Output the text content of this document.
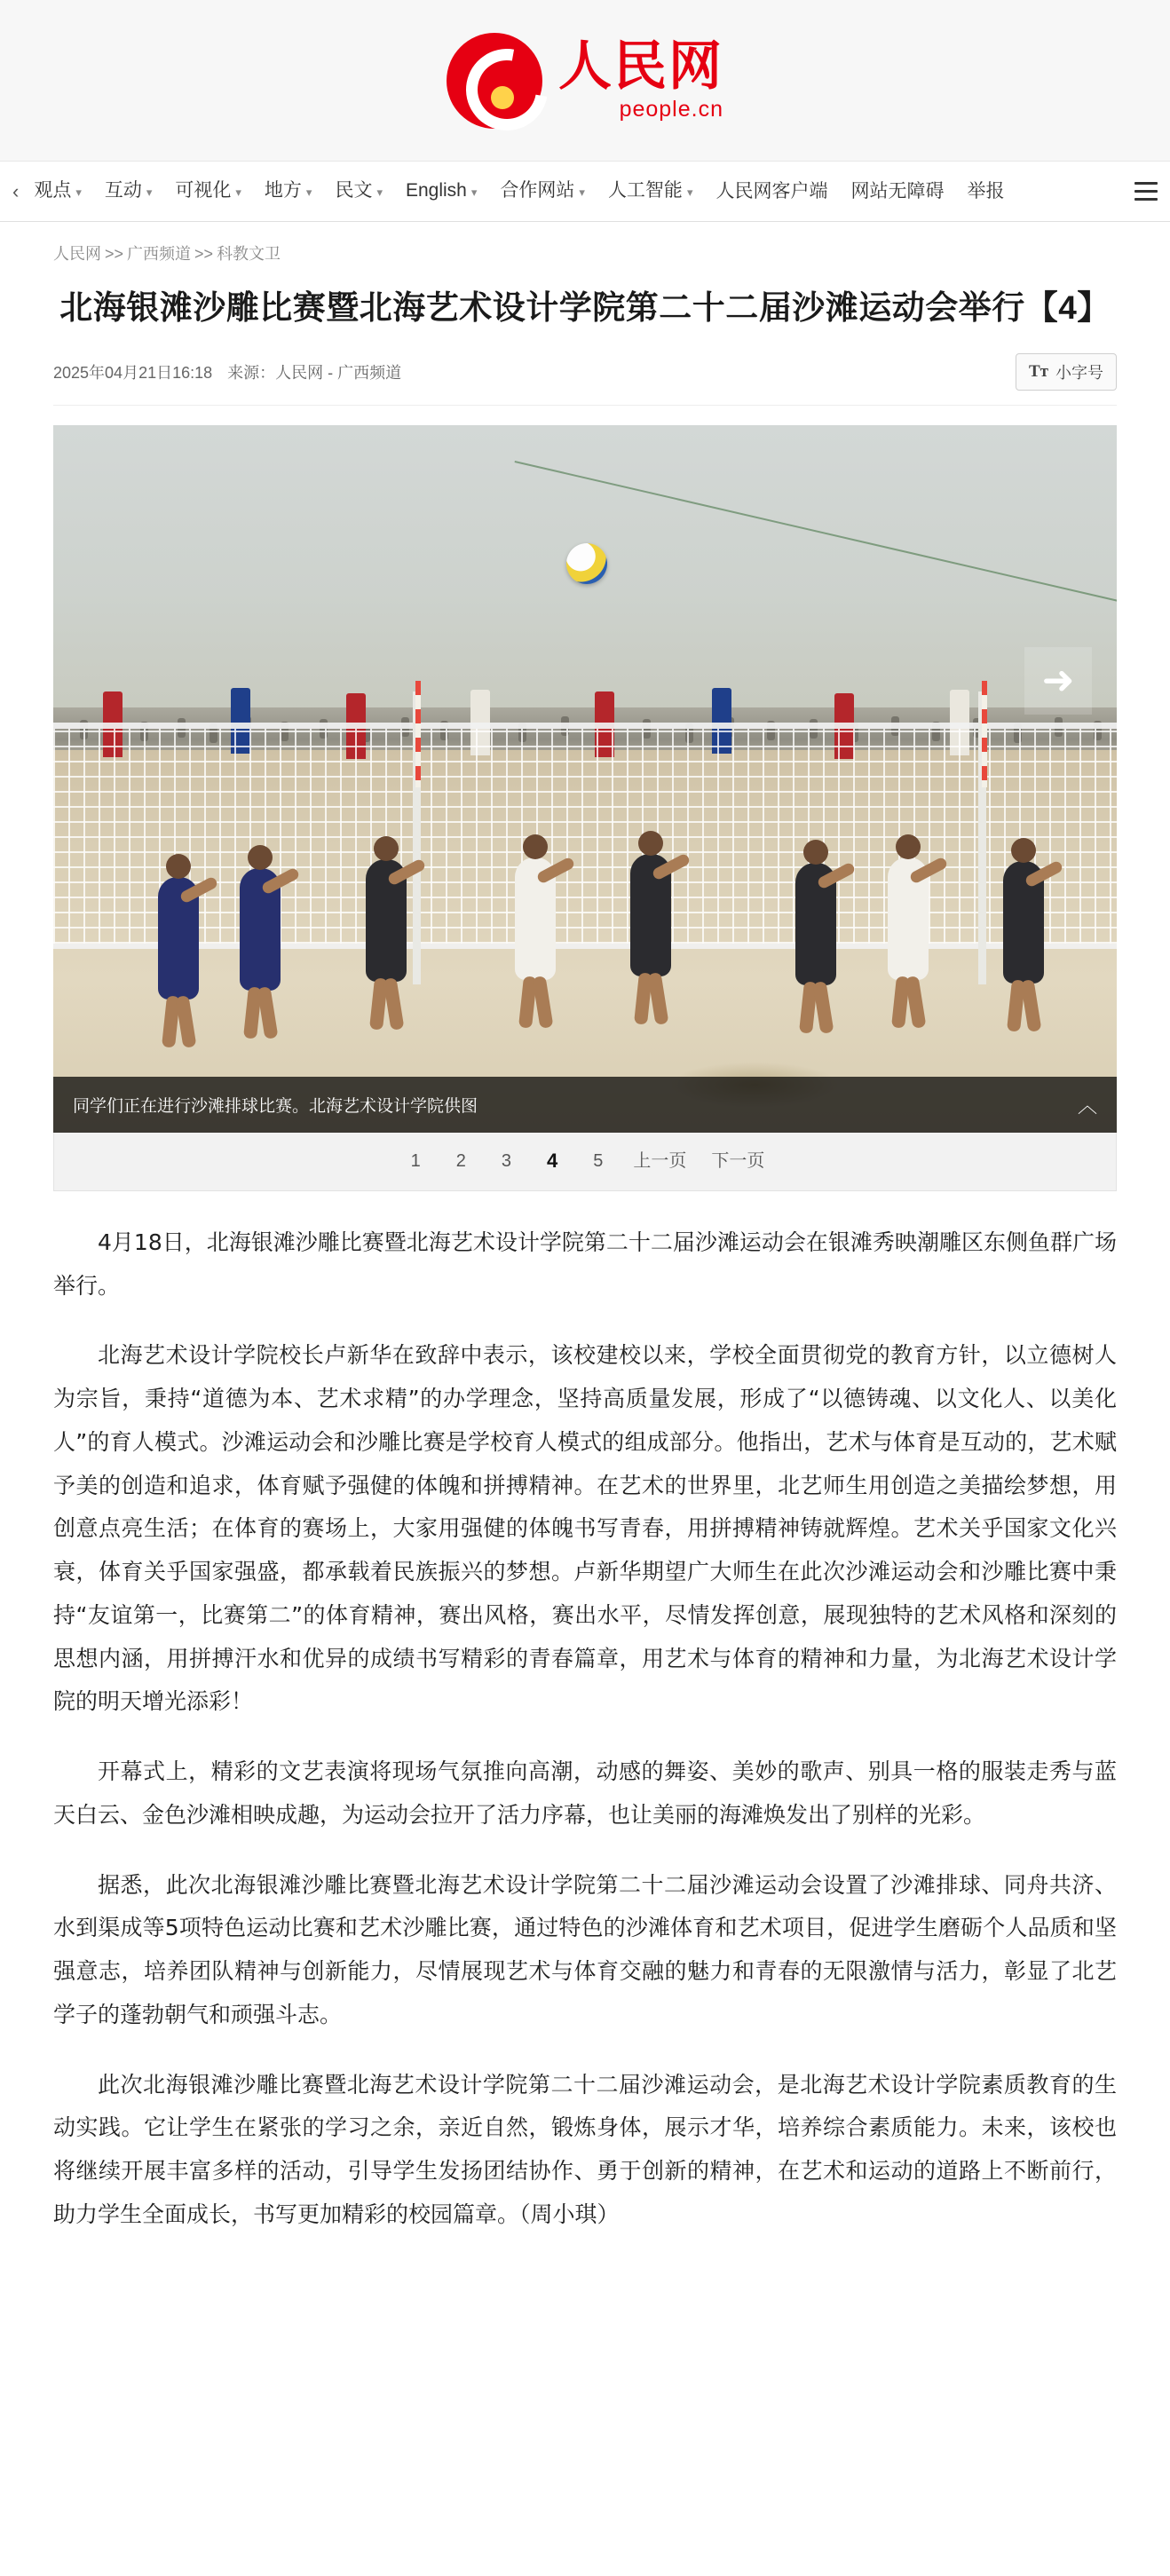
人民网
people.cn
‹ 观点 ▾	互动 ▾	可视化 ▾	地方 ▾	民文 ▾	English ▾	合作网站 ▾	人工智能 ▾	人民网客户端	网站无障碍	举报
人民网 >> 广西频道 >> 科教文卫
北海银滩沙雕比赛暨北海艺术设计学院第二十二届沙滩运动会举行【4】
2025年04月21日16:18 来源：人民网 - 广西频道	Tᴛ 小字号
➜
同学们正在进行沙滩排球比赛。北海艺术设计学院供图	︿
1	2	3	4	5	上一页	下一页

4月18日，北海银滩沙雕比赛暨北海艺术设计学院第二十二届沙滩运动会在银滩秀映潮雕区东侧鱼群广场举行。

北海艺术设计学院校长卢新华在致辞中表示，该校建校以来，学校全面贯彻党的教育方针，以立德树人为宗旨，秉持“道德为本、艺术求精”的办学理念，坚持高质量发展，形成了“以德铸魂、以文化人、以美化人”的育人模式。沙滩运动会和沙雕比赛是学校育人模式的组成部分。他指出，艺术与体育是互动的，艺术赋予美的创造和追求，体育赋予强健的体魄和拼搏精神。在艺术的世界里，北艺师生用创造之美描绘梦想，用创意点亮生活；在体育的赛场上，大家用强健的体魄书写青春，用拼搏精神铸就辉煌。艺术关乎国家文化兴衰，体育关乎国家强盛，都承载着民族振兴的梦想。卢新华期望广大师生在此次沙滩运动会和沙雕比赛中秉持“友谊第一，比赛第二”的体育精神，赛出风格，赛出水平，尽情发挥创意，展现独特的艺术风格和深刻的思想内涵，用拼搏汗水和优异的成绩书写精彩的青春篇章，用艺术与体育的精神和力量，为北海艺术设计学院的明天增光添彩！

开幕式上，精彩的文艺表演将现场气氛推向高潮，动感的舞姿、美妙的歌声、别具一格的服装走秀与蓝天白云、金色沙滩相映成趣，为运动会拉开了活力序幕，也让美丽的海滩焕发出了别样的光彩。

据悉，此次北海银滩沙雕比赛暨北海艺术设计学院第二十二届沙滩运动会设置了沙滩排球、同舟共济、水到渠成等5项特色运动比赛和艺术沙雕比赛，通过特色的沙滩体育和艺术项目，促进学生磨砺个人品质和坚强意志，培养团队精神与创新能力，尽情展现艺术与体育交融的魅力和青春的无限激情与活力，彰显了北艺学子的蓬勃朝气和顽强斗志。

此次北海银滩沙雕比赛暨北海艺术设计学院第二十二届沙滩运动会，是北海艺术设计学院素质教育的生动实践。它让学生在紧张的学习之余，亲近自然，锻炼身体，展示才华，培养综合素质能力。未来，该校也将继续开展丰富多样的活动，引导学生发扬团结协作、勇于创新的精神，在艺术和运动的道路上不断前行，助力学生全面成长，书写更加精彩的校园篇章。（周小琪）
